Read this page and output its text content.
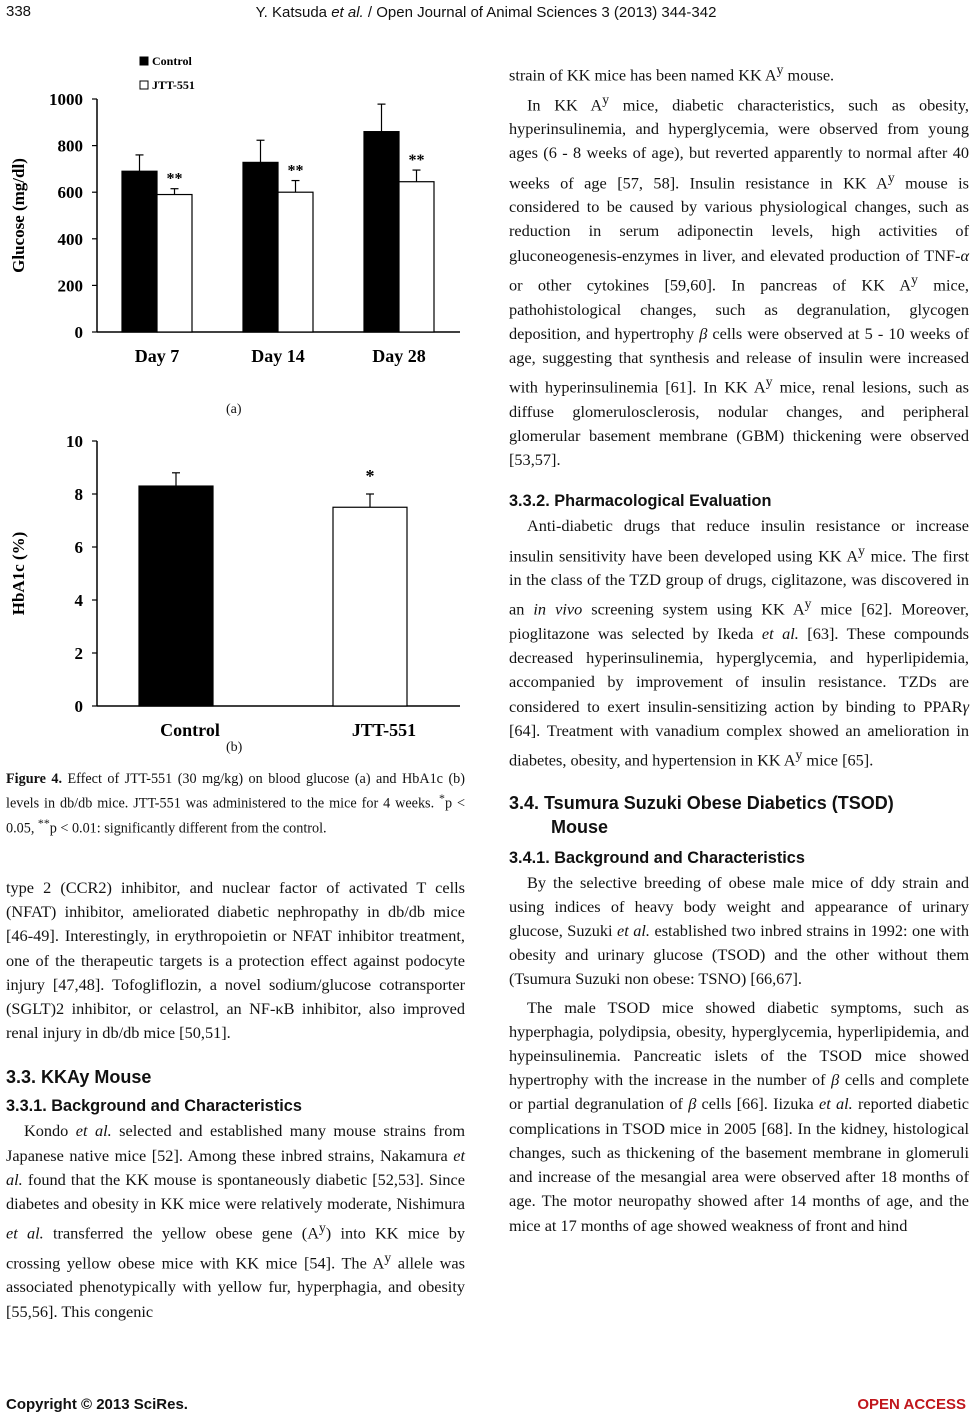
338	Y. Katsuda et al. / Open Journal of Animal Sciences 3 (2013) 344-342
0
200
400
600
800
1000
Glucose (mg/dl)	**
Day 7
**
Day 14
**
Day 28
Control
JTT-551
(a)
0
2
4
6
8
10
HbA1c (%)
Control
*
JTT-551
(b)
Figure 4. Effect of JTT-551 (30 mg/kg) on blood glucose (a) and HbA1c (b) levels in db/db mice. JTT-551 was administered to the mice for 4 weeks. *p < 0.05, **p < 0.01: significantly different from the control.

type 2 (CCR2) inhibitor, and nuclear factor of activated T cells (NFAT) inhibitor, ameliorated diabetic nephropathy in db/db mice [46-49]. Interestingly, in erythropoietin or NFAT inhibitor treatment, one of the therapeutic targets is a protection effect against podocyte injury [47,48]. Tofogliflozin, a novel sodium/glucose cotransporter (SGLT)2 inhibitor, or celastrol, an NF-κB inhibitor, also improved renal injury in db/db mice [50,51].

3.3. KKAy Mouse
3.3.1. Background and Characteristics

Kondo et al. selected and established many mouse strains from Japanese native mice [52]. Among these inbred strains, Nakamura et al. found that the KK mouse is spontaneously diabetic [52,53]. Since diabetes and obesity in KK mice were relatively moderate, Nishimura et al. transferred the yellow obese gene $(A^y)$ into KK mice by crossing yellow obese mice with KK mice [54]. The $A^y$ allele was associated phenotypically with yellow fur, hyperphagia, and obesity [55,56]. This congenic

strain of KK mice has been named KK $A^y$ mouse.

In KK $A^y$ mice, diabetic characteristics, such as obesity, hyperinsulinemia, and hyperglycemia, were observed from young ages (6 - 8 weeks of age), but reverted apparently to normal after 40 weeks of age [57, 58]. Insulin resistance in KK $A^y$ mouse is considered to be caused by various physiological changes, such as reduction in serum adiponectin levels, high activities of gluconeogenesis-enzymes in liver, and elevated production of TNF-α or other cytokines [59,60]. In pancreas of KK $A^y$ mice, pathohistological changes, such as degranulation, glycogen deposition, and hypertrophy β cells were observed at 5 - 10 weeks of age, suggesting that synthesis and release of insulin were increased with hyperinsulinemia [61]. In KK $A^y$ mice, renal lesions, such as diffuse glomerulosclerosis, nodular changes, and peripheral glomerular basement membrane (GBM) thickening were observed [53,57].

3.3.2. Pharmacological Evaluation

Anti-diabetic drugs that reduce insulin resistance or increase insulin sensitivity have been developed using KK $A^y$ mice. The first in the class of the TZD group of drugs, ciglitazone, was discovered in an in vivo screening system using KK $A^y$ mice [62]. Moreover, pioglitazone was selected by Ikeda et al. [63]. These compounds decreased hyperinsulinemia, hyperglycemia, and hyperlipidemia, accompanied by improvement of insulin resistance. TZDs are considered to exert insulin-sensitizing action by binding to PPARγ [64]. Treatment with vanadium complex showed an amelioration in diabetes, obesity, and hypertension in KK $A^y$ mice [65].

3.4. Tsumura Suzuki Obese Diabetics (TSOD)
Mouse
3.4.1. Background and Characteristics

By the selective breeding of obese male mice of ddy strain and using indices of heavy body weight and appearance of urinary glucose, Suzuki et al. established two inbred strains in 1992: one with obesity and urinary glucose (TSOD) and the other without them (Tsumura Suzuki non obese: TSNO) [66,67].

The male TSOD mice showed diabetic symptoms, such as hyperphagia, polydipsia, obesity, hyperglycemia, hyperlipidemia, and hypeinsulinemia. Pancreatic islets of the TSOD mice showed hypertrophy with the increase in the number of β cells and complete or partial degranulation of β cells [66]. Iizuka et al. reported diabetic complications in TSOD mice in 2005 [68]. In the kidney, histological changes, such as thickening of the basement membrane in glomeruli and increase of the mesangial area were observed after 18 months of age. The motor neuropathy showed after 14 months of age, and the mice at 17 months of age showed weakness of front and hind

Copyright © 2013 SciRes.	OPEN ACCESS
